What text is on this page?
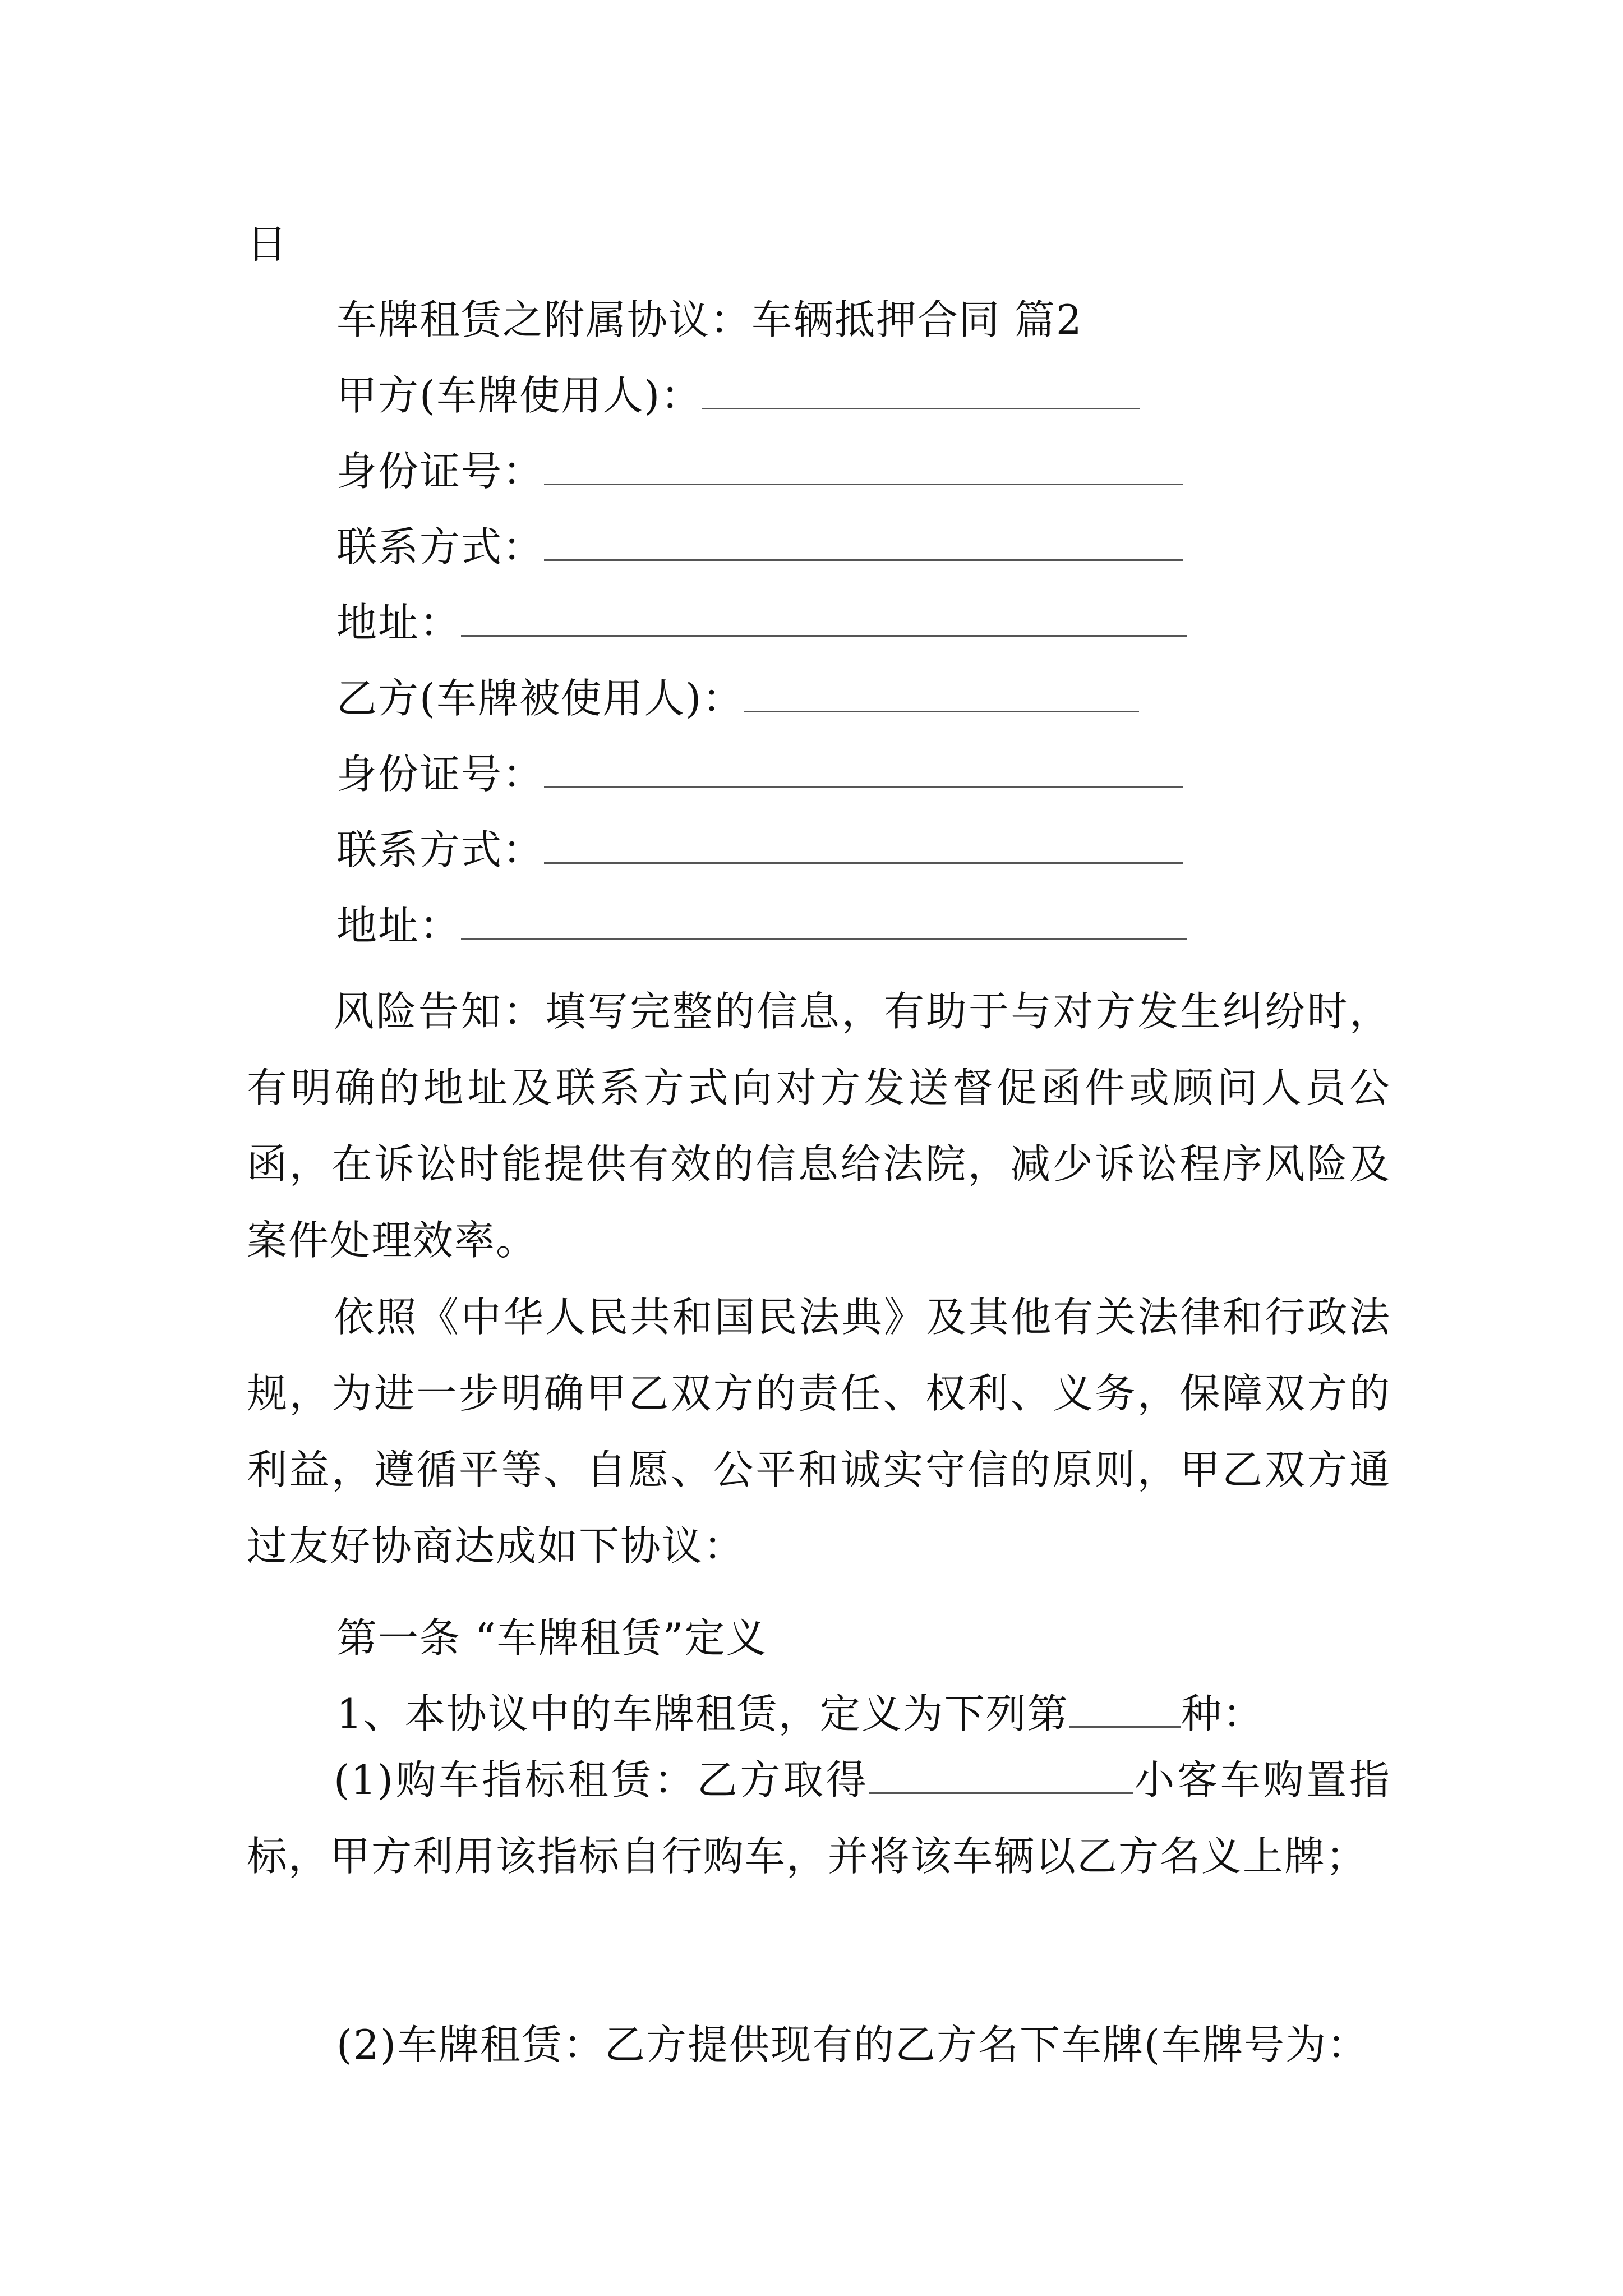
日
车牌租赁之附属协议：车辆抵押合同 篇2
甲方(车牌使用人)：
身份证号：
联系方式：
地址：
乙方(车牌被使用人)：
身份证号：
联系方式：
地址：
风险告知：填写完整的信息，有助于与对方发生纠纷时，有明确的地址及联系方式向对方发送督促函件或顾问人员公函，在诉讼时能提供有效的信息给法院，减少诉讼程序风险及案件处理效率。
依照《中华人民共和国民法典》及其他有关法律和行政法规，为进一步明确甲乙双方的责任、权利、义务，保障双方的利益，遵循平等、自愿、公平和诚实守信的原则，甲乙双方通过友好协商达成如下协议：
第一条 “车牌租赁”定义
1、本协议中的车牌租赁，定义为下列第	种：
(1)购车指标租赁：乙方取得	小客车购置指标，甲方利用该指标自行购车，并将该车辆以乙方名义上牌；
(2)车牌租赁：乙方提供现有的乙方名下车牌(车牌号为：
